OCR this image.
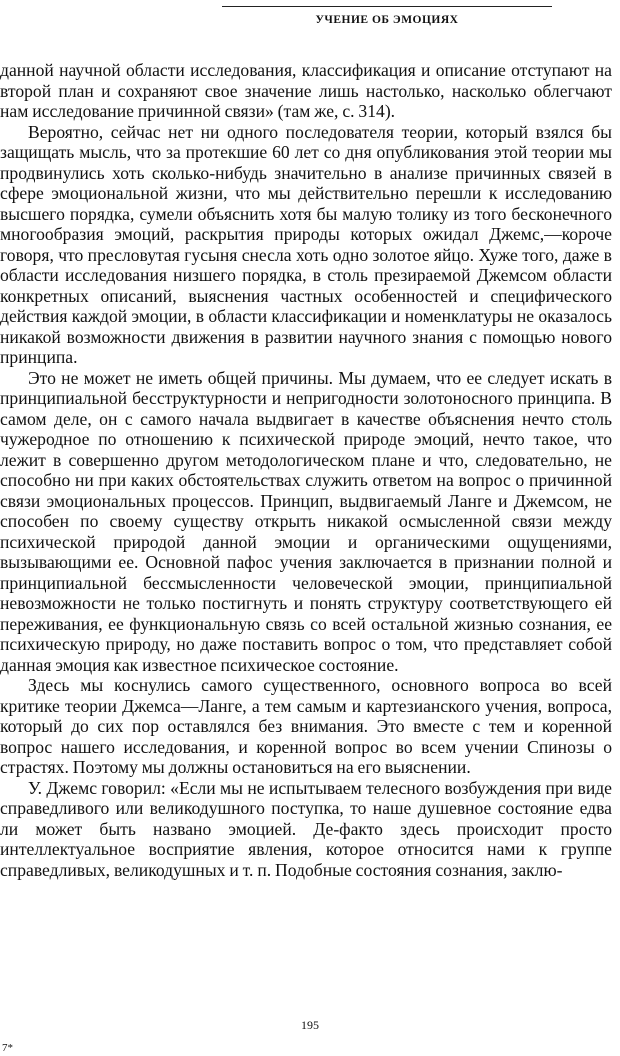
УЧЕНИЕ ОБ ЭМОЦИЯХ

данной научной области исследования, классификация и описание отступают на второй план и сохраняют свое значение лишь настолько, насколько облегчают нам исследование причинной связи» (там же, с. 314).

Вероятно, сейчас нет ни одного последователя теории, который взялся бы защищать мысль, что за протекшие 60 лет со дня опубликования этой теории мы продвинулись хоть сколько-нибудь значительно в анализе причинных связей в сфере эмоциональной жизни, что мы действительно перешли к исследованию высшего порядка, сумели объяснить хотя бы малую толику из того бесконечного многообразия эмоций, раскрытия природы которых ожидал Джемс,—короче говоря, что пресловутая гусыня снесла хоть одно золотое яйцо. Хуже того, даже в области исследования низшего порядка, в столь презираемой Джемсом области конкретных описаний, выяснения частных особенностей и специфического действия каждой эмоции, в области классификации и номенклатуры не оказалось никакой возможности движения в развитии научного знания с помощью нового принципа.

Это не может не иметь общей причины. Мы думаем, что ее следует искать в принципиальной бесструктурности и непригодности золотоносного принципа. В самом деле, он с самого начала выдвигает в качестве объяснения нечто столь чужеродное по отношению к психической природе эмоций, нечто такое, что лежит в совершенно другом методологическом плане и что, следовательно, не способно ни при каких обстоятельствах служить ответом на вопрос о причинной связи эмоциональных процессов. Принцип, выдвигаемый Ланге и Джемсом, не способен по своему существу открыть никакой осмысленной связи между психической природой данной эмоции и органическими ощущениями, вызывающими ее. Основной пафос учения заключается в признании полной и принципиальной бессмысленности человеческой эмоции, принципиальной невозможности не только постигнуть и понять структуру соответствующего ей переживания, ее функциональную связь со всей остальной жизнью сознания, ее психическую природу, но даже поставить вопрос о том, что представляет собой данная эмоция как известное психическое состояние.

Здесь мы коснулись самого существенного, основного вопроса во всей критике теории Джемса—Ланге, а тем самым и картезианского учения, вопроса, который до сих пор оставлялся без внимания. Это вместе с тем и коренной вопрос нашего исследования, и коренной вопрос во всем учении Спинозы о страстях. Поэтому мы должны остановиться на его выяснении.

У. Джемс говорил: «Если мы не испытываем телесного возбуждения при виде справедливого или великодушного поступка, то наше душевное состояние едва ли может быть названо эмоцией. Де-факто здесь происходит просто интеллектуальное восприятие явления, которое относится нами к группе справедливых, великодушных и т. п. Подобные состояния сознания, заклю-

195
7*
